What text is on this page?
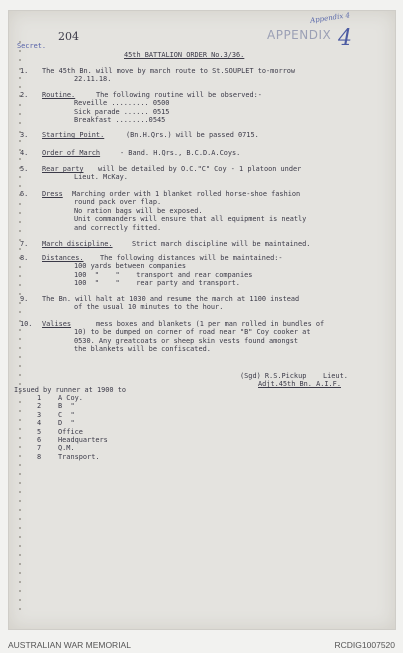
Appendix 4
APPENDIX 4
204
Secret.
45th BATTALION ORDER No.3/36.
1. The 45th Bn. will move by march route to St.SOUPLET to-morrow
22.11.18.
2. Routine.	The following routine will be observed:-
Reveille ......... 0500
Sick parade ...... 0515
Breakfast ........0545
3. Starting Point.	(Bn.H.Qrs.) will be passed 0715.
4. Order of March	- Band. H.Qrs., B.C.D.A.Coys.
5. Rear party will be detailed by O.C."C" Coy - 1 platoon under
Lieut. McKay.
6. Dress Marching order with 1 blanket rolled horse-shoe fashion
round pack over flap.
No ration bags will be exposed.
Unit commanders will ensure that all equipment is neatly
and correctly fitted.
7. March discipline.	Strict march discipline will be maintained.
8. Distances. The following distances will be maintained:-
100 yards between companies
100  "    "    transport and rear companies
100  "    "    rear party and transport.
9. The Bn. will halt at 1030 and resume the march at 1100 instead
of the usual 10 minutes to the hour.
10. Valises	mess boxes and blankets (1 per man rolled in bundles of
10) to be dumped on corner of road near "B" Coy cooker at
0530. Any greatcoats or sheep skin vests found amongst
the blankets will be confiscated.
(Sgd) R.S.Pickup    Lieut.
Adjt.45th Bn. A.I.F.
Issued by runner at 1900 to
1 A Coy.
2 B  "
3 C  "
4 D  "
5 Office
6 Headquarters
7 Q.M.
8 Transport.
AUSTRALIAN WAR MEMORIAL	RCDIG1007520
